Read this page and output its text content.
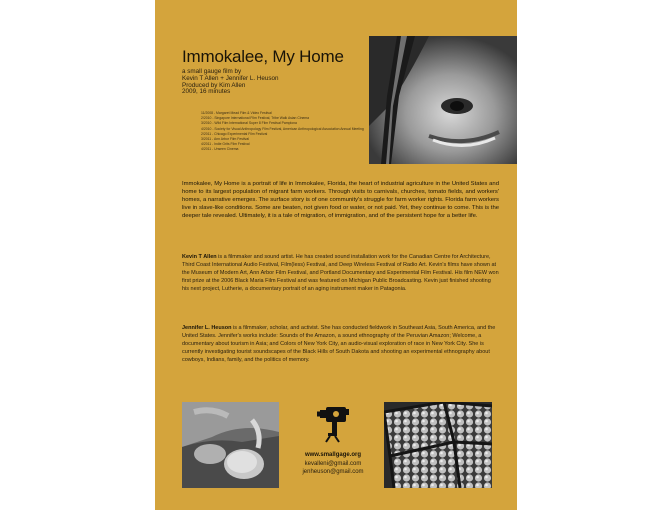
Immokalee, My Home
a small gauge film by
Kevin T Allen + Jennifer L. Heuson
Produced by Kim Allen
2009, 16 minutes
11/2008 - Margaret Mead Film & Video Festival
2/2010 - Singapore International Film Festival, Tribe Walk Asian Cinema
3/2010 - Wild Film International Super 8 Film Festival Pamplona
4/2010 - Society for Visual Anthropology Film Festival, American Anthropological Association Annual Meeting
2/2011 - Chicago Experimental Film Festival
3/2011 - Ann Arbor Film Festival
4/2011 - Indie Grits Film Festival
4/2011 - Unseen Cinema

Immokalee, My Home is a portrait of life in Immokalee, Florida, the heart of industrial agriculture in the United States and home to its largest population of migrant farm workers. Through visits to carnivals, churches, tomato fields, and workers' homes, a narrative emerges. The surface story is of one community's struggle for farm worker rights. Florida farm workers live in slave-like conditions. Some are beaten, not given food or water, or not paid. Yet, they continue to come. This is the deeper tale revealed. Ultimately, it is a tale of migration, of immigration, and of the persistent hope for a better life.

Kevin T Allen is a filmmaker and sound artist. He has created sound installation work for the Canadian Centre for Architecture, Third Coast International Audio Festival, Film(less) Festival, and Deep Wireless Festival of Radio Art. Kevin's films have shown at the Museum of Modern Art, Ann Arbor Film Festival, and Portland Documentary and Experimental Film Festival. His film NEW won first prize at the 2006 Black Maria Film Festival and was featured on Michigan Public Broadcasting. Kevin just finished shooting his next project, Lutherie, a documentary portrait of an aging instrument maker in Patagonia.

Jennifer L. Heuson is a filmmaker, scholar, and activist. She has conducted fieldwork in Southeast Asia, South America, and the United States. Jennifer's works include: Sounds of the Amazon, a sound ethnography of the Peruvian Amazon; Welcome, a documentary about tourism in Asia; and Colors of New York City, an audio-visual exploration of race in New York City. She is currently investigating tourist soundscapes of the Black Hills of South Dakota and shooting an experimental ethnography about cowboys, Indians, family, and the politics of memory.

www.smallgage.org
kevalleni@gmail.com
jenheuson@gmail.com
